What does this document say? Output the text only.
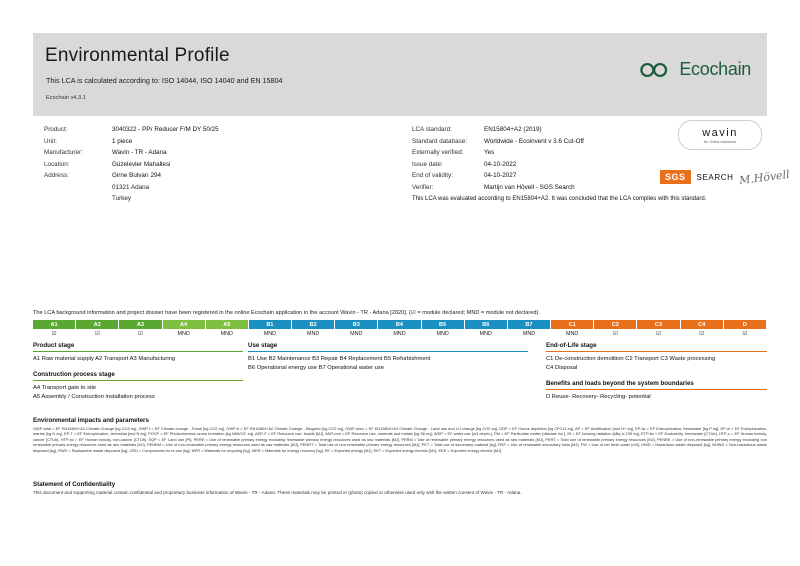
Environmental Profile
This LCA is calculated according to: ISO 14044, ISO 14040 and EN 15804
Ecochain v4.3.1
Ecochain
Product:	3040322 - PPr Reducer F/M DY 50/25
Unit:	1 piece
Manufacturer:	Wavin - TR - Adana
Location:	Güzelevler Mahallesi
Address:	Girne Bulvarı 294
01321 Adana
Turkey
LCA standard:	EN15804+A2 (2019)
Standard database:	Worldwide - Ecoinvent v 3.6 Cut-Off
Externally verified:	Yes
Issue date:	04-10-2022
End of validity:	04-10-2027
Verifier:	Martijn van Hövell - SGS Search
wavin
An Orbia business
SGS	SEARCH M.Hövell
This LCA was evaluated according to EN15804+A2. It was concluded that the LCA complies with this standard.
The LCA background information and project dossier have been registered in the online Ecochain application in the account Wavin - TR - Adana [2020]. (☑ = module declared; MND = module not declared).
A1	A2	A3	A4	A5	B1	B2	B3	B4	B5	B6	B7	C1	C2	C3	C4	D
☑	☑	☑	MND	MND	MND	MND	MND	MND	MND	MND	MND	MND	☑	☑	☑	☑
Product stage
A1 Raw material supply A2 Transport A3 Manufacturing
Construction process stage
A4 Transport gate to site
A5 Assembly / Construction installation process
Use stage
B1 Use B2 Maintenance B3 Repair B4 Replacement B5 Refurbishment
B6 Operational energy use B7 Operational water use
End-of-Life stage
C1 De-construction demolition C2 Transport C3 Waste processing
C4 Disposal
Benefits and loads beyond the system boundaries
D Reuse- Recovery- Recycling- potential
Environmental impacts and parameters
GWP-total = EF EN15804+A2 Climate Change [kg CO2 eq], GWP-f = EF Climate change - Fossil [kg CO2 eq], GWP-b = EF EN15804+A2 Climate Change - Biogenic [kg CO2 eq], GWP-luluc = EF EN15804+A2 Climate Change - Land use and LU change [kg CO2 eq], ODP = EF Ozone depletion [kg CFC11 eq], AP = EF Acidification [mol H+ eq], EP-fw = EF Eutrophication, freshwater [kg P eq], EP-m = EF Eutrophication, marine [kg N eq], EP-T = EF Eutrophication, terrestrial [mol N eq], POCP = EF Photochemical ozone formation [kg NMVOC eq], ADP-F = EF Resource use, fossils [MJ], ADP-mm = EF Resource use, minerals and metals [kg Sb eq], WDP = EF water use [m3 depriv.], PM = EF Particulate matter [disease inc.], IR = EF Ionising radiation [kBq U-235 eq], ETP-fw = EF Ecotoxicity, freshwater [CTUe], HTP-c = EF Human toxicity, cancer [CTUh], HTP-nc = EF Human toxicity, non-cancer [CTUh], SQP = EF Land use [Pt], PERE = Use of renewable primary energy excluding renewable primary energy resources used as raw materials [MJ], PERM = Use of renewable primary energy resources used as raw materials [MJ], PERT = Total use of renewable primary energy resources [MJ], PENRE = Use of non-renewable primary energy excluding non renewable primary energy resources used as raw materials [MJ], PENRM = Use of non-renewable primary energy resources used as raw materials [MJ], PENRT = Total use of non-renewable primary energy resources [MJ], PET = Total use of secondary material [kg], RSF = Use of renewable secondary fuels [MJ], FW = Use of net fresh water [m3], HWD = Hazardous waste disposed [kg], NHWD = Non-hazardous waste disposed [kg], RWD = Radioactive waste disposed [kg], CRU = Components for re-use [kg], MFR = Materials for recycling [kg], MER = Materials for energy recovery [kg], EE = Exported energy [MJ], EET = Exported energy thermic [MJ], EEE = Exported energy electric [MJ]
Statement of Confidentiality
This document and supporting material contain confidential and proprietary business information of Wavin - TR - Adana. These materials may be printed or (photo) copied or otherwise used only with the written consent of Wavin - TR - Adana.
